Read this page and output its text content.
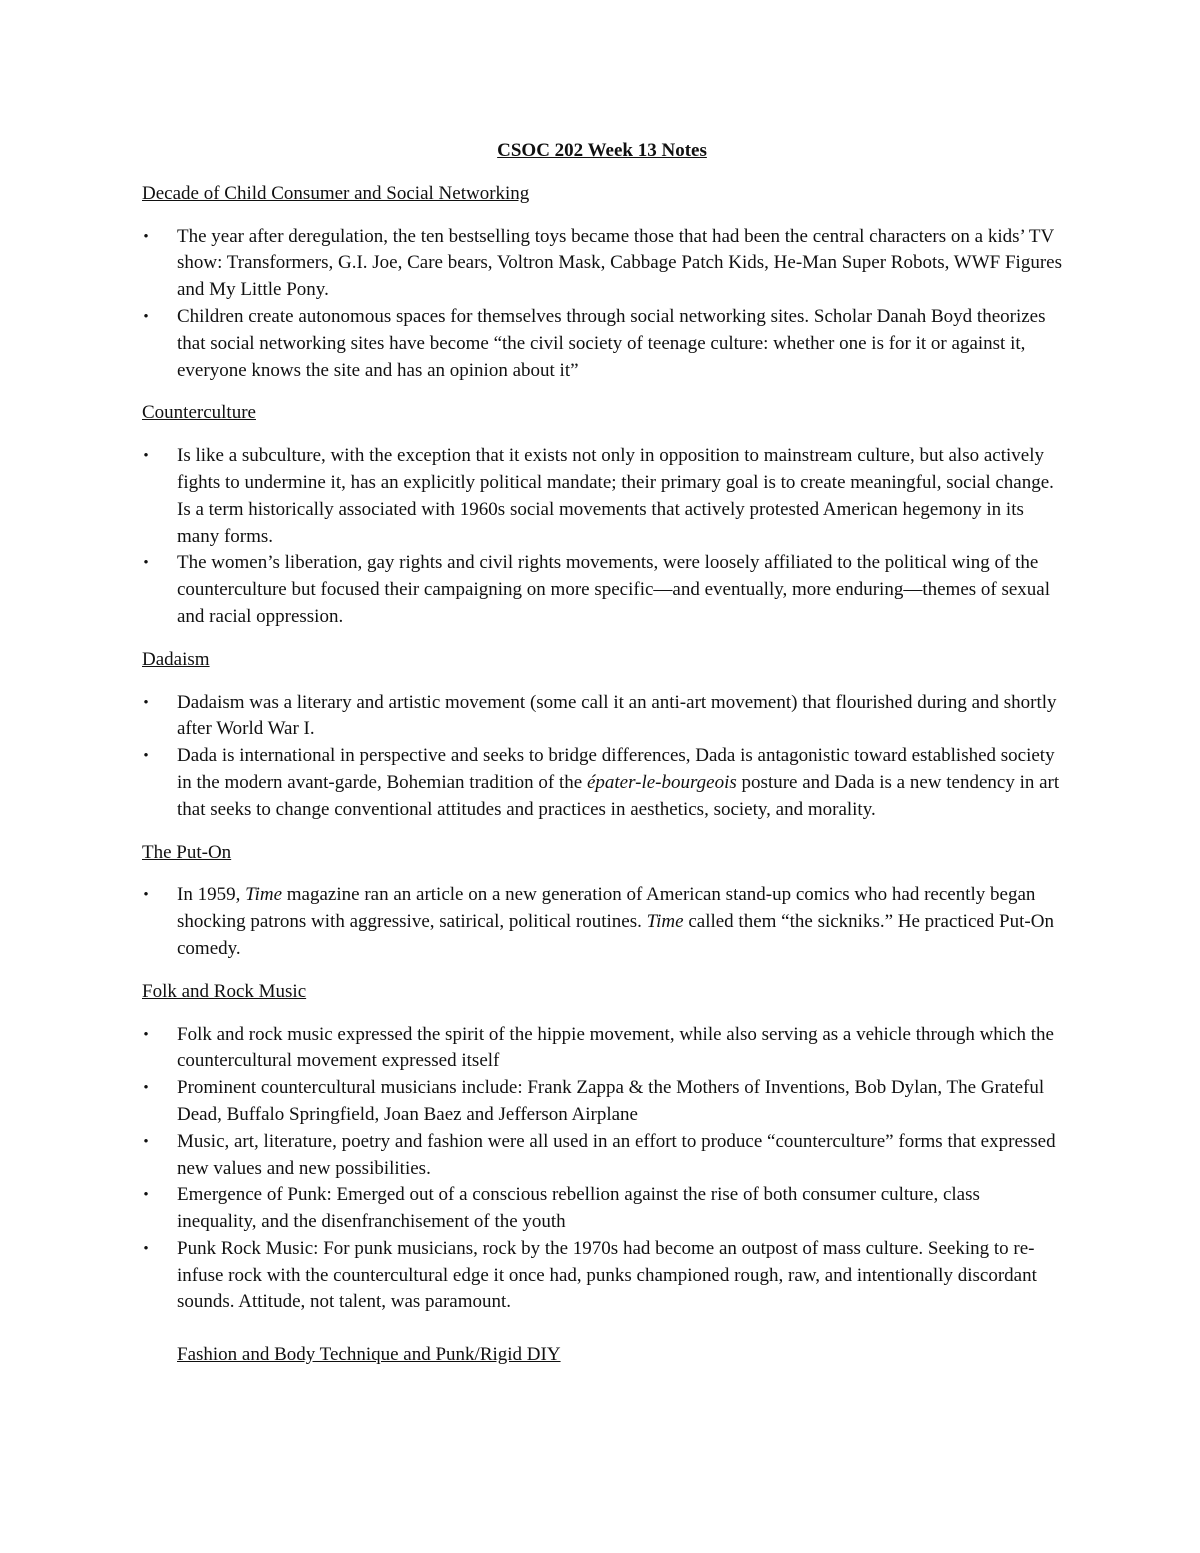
CSOC 202 Week 13 Notes
Decade of Child Consumer and Social Networking
• The year after deregulation, the ten bestselling toys became those that had been the central characters on a kids’ TV show: Transformers, G.I. Joe, Care bears, Voltron Mask, Cabbage Patch Kids, He-Man Super Robots, WWF Figures and My Little Pony.
• Children create autonomous spaces for themselves through social networking sites. Scholar Danah Boyd theorizes that social networking sites have become “the civil society of teenage culture: whether one is for it or against it, everyone knows the site and has an opinion about it”
Counterculture
• Is like a subculture, with the exception that it exists not only in opposition to mainstream culture, but also actively fights to undermine it, has an explicitly political mandate; their primary goal is to create meaningful, social change. Is a term historically associated with 1960s social movements that actively protested American hegemony in its many forms.
• The women’s liberation, gay rights and civil rights movements, were loosely affiliated to the political wing of the counterculture but focused their campaigning on more specific—and eventually, more enduring—themes of sexual and racial oppression.
Dadaism
• Dadaism was a literary and artistic movement (some call it an anti-art movement) that flourished during and shortly after World War I.
• Dada is international in perspective and seeks to bridge differences, Dada is antagonistic toward established society in the modern avant-garde, Bohemian tradition of the épater-le-bourgeois posture and Dada is a new tendency in art that seeks to change conventional attitudes and practices in aesthetics, society, and morality.
The Put-On
• In 1959, Time magazine ran an article on a new generation of American stand-up comics who had recently began shocking patrons with aggressive, satirical, political routines. Time called them “the sickniks.” He practiced Put-On comedy.
Folk and Rock Music
• Folk and rock music expressed the spirit of the hippie movement, while also serving as a vehicle through which the countercultural movement expressed itself
• Prominent countercultural musicians include: Frank Zappa & the Mothers of Inventions, Bob Dylan, The Grateful Dead, Buffalo Springfield, Joan Baez and Jefferson Airplane
• Music, art, literature, poetry and fashion were all used in an effort to produce “counterculture” forms that expressed new values and new possibilities.
• Emergence of Punk: Emerged out of a conscious rebellion against the rise of both consumer culture, class inequality, and the disenfranchisement of the youth
• Punk Rock Music: For punk musicians, rock by the 1970s had become an outpost of mass culture. Seeking to re-infuse rock with the countercultural edge it once had, punks championed rough, raw, and intentionally discordant sounds. Attitude, not talent, was paramount.
Fashion and Body Technique and Punk/Rigid DIY
